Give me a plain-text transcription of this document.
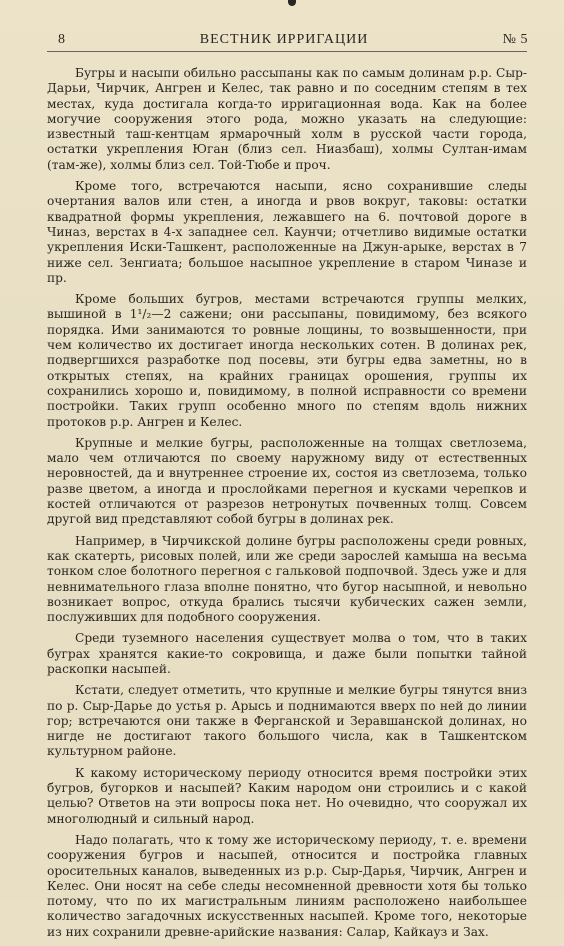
8	ВЕСТНИК ИРРИГАЦИИ	№ 5

Бугры и насыпи обильно рассыпаны как по самым долинам р.р. Сыр-Дарьи, Чирчик, Ангрен и Келес, так равно и по соседним степям в тех местах, куда достигала когда-то ирригационная вода. Как на более могучие сооружения этого рода, можно указать на следующие: известный таш-кентцам ярмарочный холм в русской части города, остатки укрепления Юган (близ сел. Ниазбаш), холмы Султан-имам (там-же), холмы близ сел. Той-Тюбе и проч.

Кроме того, встречаются насыпи, ясно сохранившие следы очертания валов или стен, а иногда и рвов вокруг, таковы: остатки квадратной формы укрепления, лежавшего на 6. почтовой дороге в Чиназ, верстах в 4-х западнее сел. Каунчи; отчетливо видимые остатки укрепления Иски-Ташкент, расположенные на Джун-арыке, верстах в 7 ниже сел. Зенгиата; большое насыпное укрепление в старом Чиназе и пр.

Кроме больших бугров, местами встречаются группы мелких, вышиной в 1¹/₂—2 сажени; они рассыпаны, повидимому, без всякого порядка. Ими занимаются то ровные лощины, то возвышенности, при чем количество их достигает иногда нескольких сотен. В долинах рек, подвергшихся разработке под посевы, эти бугры едва заметны, но в открытых степях, на крайних границах орошения, группы их сохранились хорошо и, повидимому, в полной исправности со времени постройки. Таких групп особенно много по степям вдоль нижних протоков р.р. Ангрен и Келес.

Крупные и мелкие бугры, расположенные на толщах светлозема, мало чем отличаются по своему наружному виду от естественных неровностей, да и внутреннее строение их, состоя из светлозема, только разве цветом, а иногда и прослойками перегноя и кусками черепков и костей отличаются от разрезов нетронутых почвенных толщ. Совсем другой вид представляют собой бугры в долинах рек.

Например, в Чирчикской долине бугры расположены среди ровных, как скатерть, рисовых полей, или же среди зарослей камыша на весьма тонком слое болотного перегноя с гальковой подпочвой. Здесь уже и для невнимательного глаза вполне понятно, что бугор насыпной, и невольно возникает вопрос, откуда брались тысячи кубических сажен земли, послуживших для подобного сооружения.

Среди туземного населения существует молва о том, что в таких буграх хранятся какие-то сокровища, и даже были попытки тайной раскопки насыпей.

Кстати, следует отметить, что крупные и мелкие бугры тянутся вниз по р. Сыр-Дарье до устья р. Арысь и поднимаются вверх по ней до линии гор; встречаются они также в Ферганской и Зеравшанской долинах, но нигде не достигают такого большого числа, как в Ташкентском культурном районе.

К какому историческому периоду относится время постройки этих бугров, бугорков и насыпей? Каким народом они строились и с какой целью? Ответов на эти вопросы пока нет. Но очевидно, что сооружал их многолюдный и сильный народ.

Надо полагать, что к тому же историческому периоду, т. е. времени сооружения бугров и насыпей, относится и постройка главных оросительных каналов, выведенных из р.р. Сыр-Дарья, Чирчик, Ангрен и Келес. Они носят на себе следы несомненной древности хотя бы только потому, что по их магистральным линиям расположено наибольшее количество загадочных искусственных насыпей. Кроме того, некоторые из них сохранили древне-арийские названия: Салар, Кайкауз и Зах.
